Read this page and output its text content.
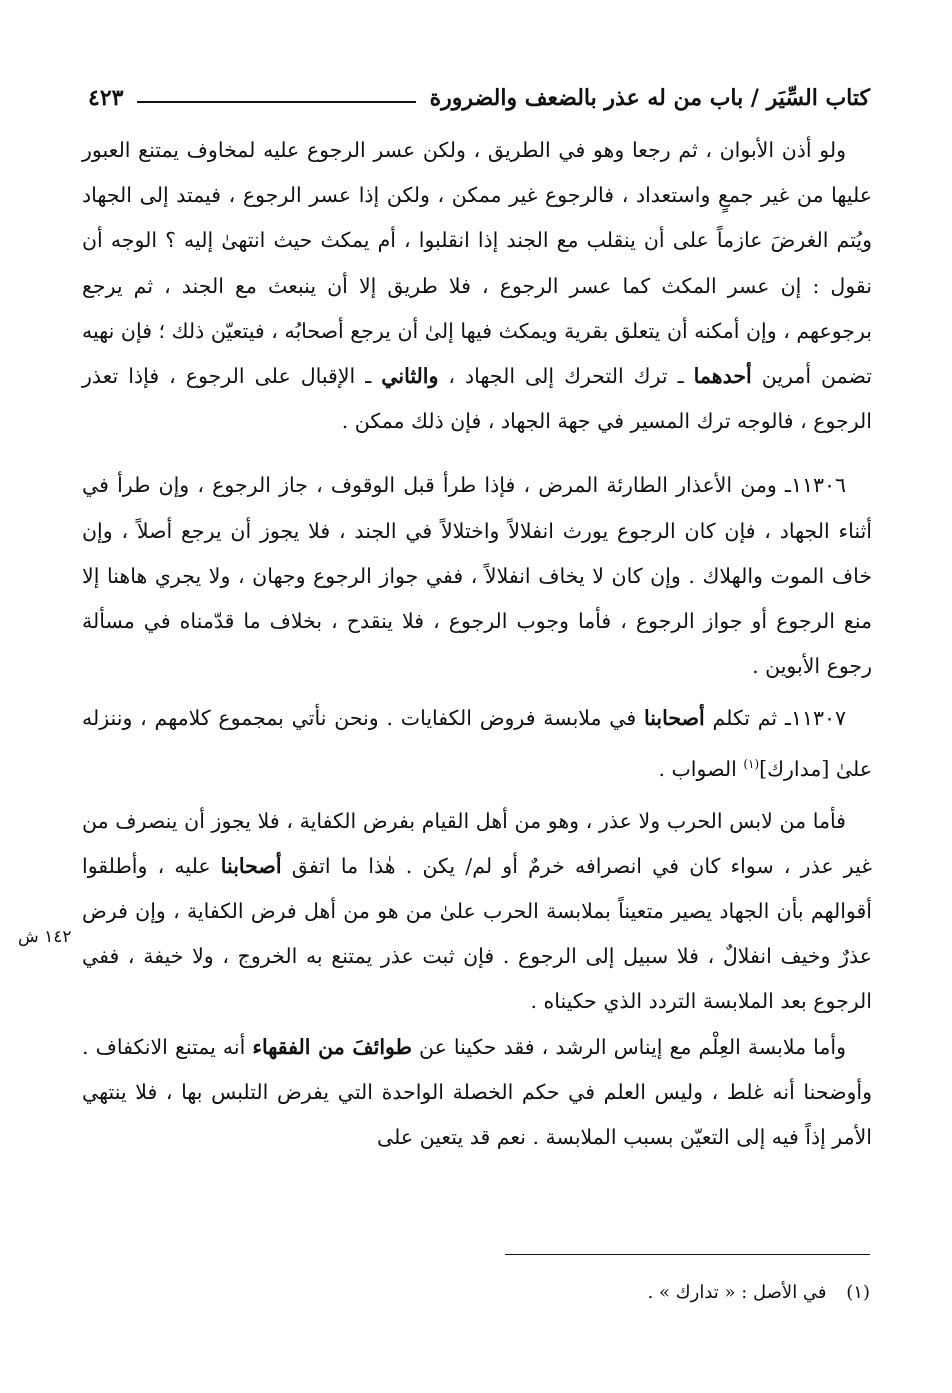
كتاب السِّيَر / باب من له عذر بالضعف والضرورة
٤٢٣

ولو أذن الأبوان ، ثم رجعا وهو في الطريق ، ولكن عسر الرجوع عليه لمخاوف يمتنع العبور عليها من غير جمعٍ واستعداد ، فالرجوع غير ممكن ، ولكن إذا عسر الرجوع ، فيمتد إلى الجهاد ويُتم الغرضَ عازماً على أن ينقلب مع الجند إذا انقلبوا ، أم يمكث حيث انتهىٰ إليه ؟ الوجه أن نقول : إن عسر المكث كما عسر الرجوع ، فلا طريق إلا أن ينبعث مع الجند ، ثم يرجع برجوعهم ، وإن أمكنه أن يتعلق بقرية ويمكث فيها إلىٰ أن يرجع أصحابُه ، فيتعيّن ذلك ؛ فإن نهيه تضمن أمرين أحدهما ـ ترك التحرك إلى الجهاد ، والثاني ـ الإقبال على الرجوع ، فإذا تعذر الرجوع ، فالوجه ترك المسير في جهة الجهاد ، فإن ذلك ممكن .

١١٣٠٦ـ ومن الأعذار الطارئة المرض ، فإذا طرأ قبل الوقوف ، جاز الرجوع ، وإن طرأ في أثناء الجهاد ، فإن كان الرجوع يورث انفلالاً واختلالاً في الجند ، فلا يجوز أن يرجع أصلاً ، وإن خاف الموت والهلاك . وإن كان لا يخاف انفلالاً ، ففي جواز الرجوع وجهان ، ولا يجري هاهنا إلا منع الرجوع أو جواز الرجوع ، فأما وجوب الرجوع ، فلا ينقدح ، بخلاف ما قدّمناه في مسألة رجوع الأبوين .

١١٣٠٧ـ ثم تكلم أصحابنا في ملابسة فروض الكفايات . ونحن نأتي بمجموع كلامهم ، وننزله علىٰ [مدارك]$^{(١)}$ الصواب .

فأما من لابس الحرب ولا عذر ، وهو من أهل القيام بفرض الكفاية ، فلا يجوز أن ينصرف من غير عذر ، سواء كان في انصرافه خرمٌ أو لم/ يكن . هٰذا ما اتفق أصحابنا عليه ، وأطلقوا أقوالهم بأن الجهاد يصير متعيناً بملابسة الحرب علىٰ من هو من أهل فرض الكفاية ، وإن فرض عذرٌ وخيف انفلالٌ ، فلا سبيل إلى الرجوع . فإن ثبت عذر يمتنع به الخروج ، ولا خيفة ، ففي الرجوع بعد الملابسة التردد الذي حكيناه .

وأما ملابسة العِلْم مع إيناس الرشد ، فقد حكينا عن طوائفَ من الفقهاء أنه يمتنع الانكفاف . وأوضحنا أنه غلط ، وليس العلم في حكم الخصلة الواحدة التي يفرض التلبس بها ، فلا ينتهي الأمر إذاً فيه إلى التعيّن بسبب الملابسة . نعم قد يتعين على

١٤٢ ش
(١) في الأصل : « تدارك » .
